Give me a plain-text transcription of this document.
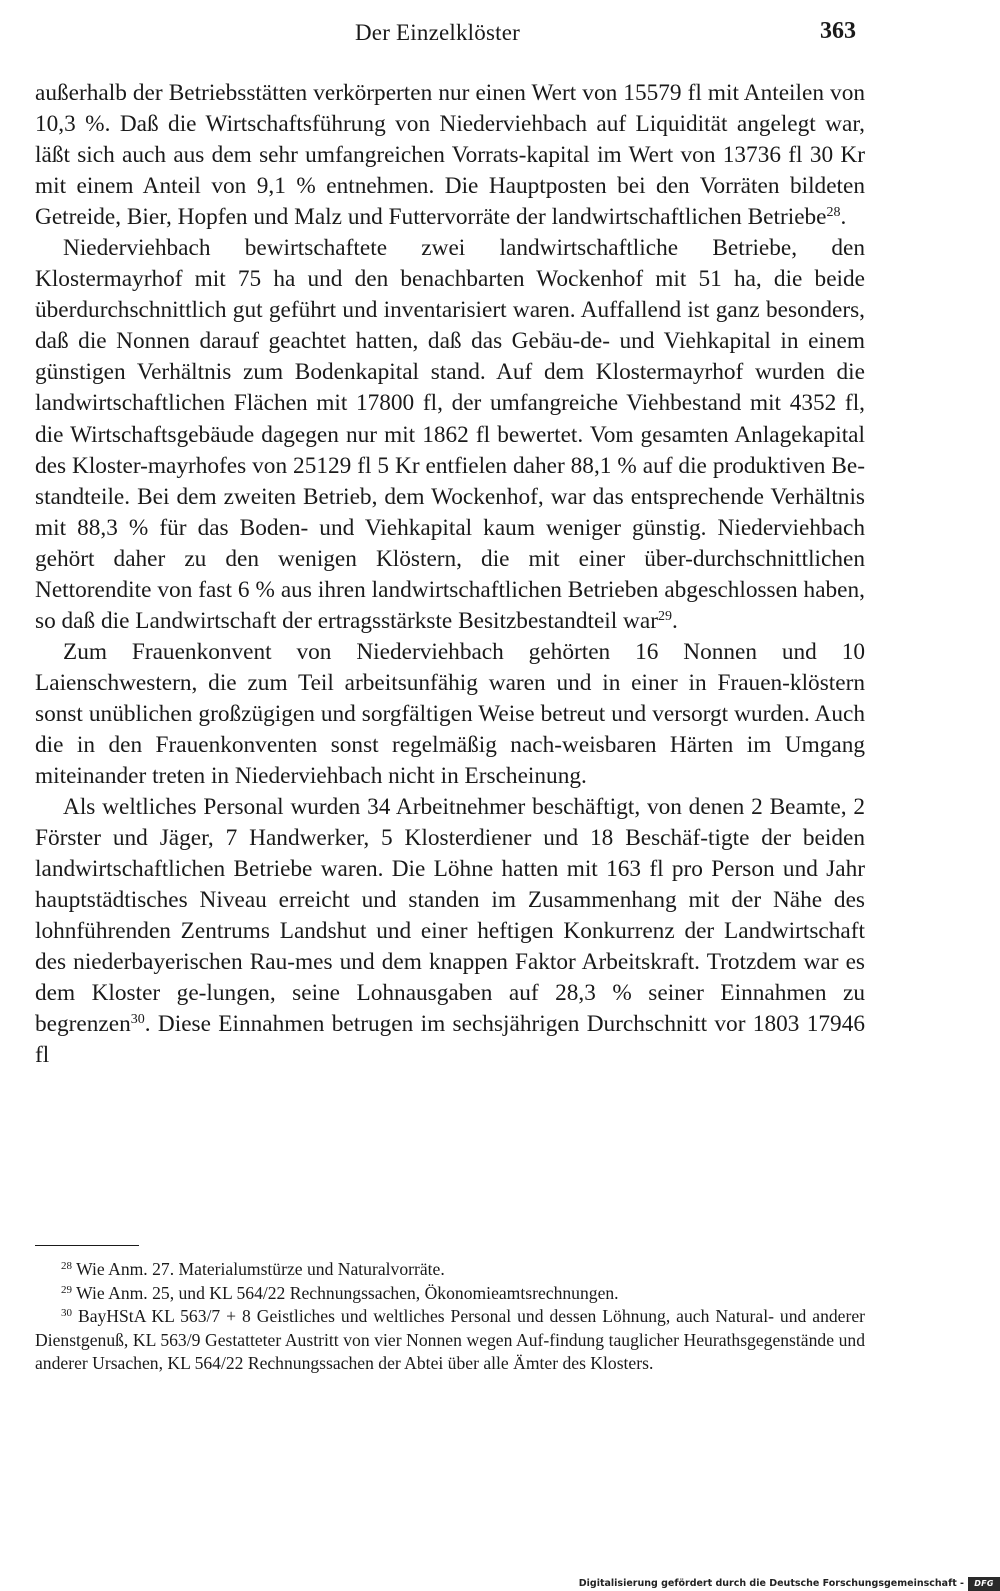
Der Einzelklöster	363

außerhalb der Betriebsstätten verkörperten nur einen Wert von 15579 fl mit Anteilen von 10,3 %. Daß die Wirtschaftsführung von Niederviehbach auf Liquidität angelegt war, läßt sich auch aus dem sehr umfangreichen Vorrats-kapital im Wert von 13736 fl 30 Kr mit einem Anteil von 9,1 % entnehmen. Die Hauptposten bei den Vorräten bildeten Getreide, Bier, Hopfen und Malz und Futtervorräte der landwirtschaftlichen Betriebe$^{28}$.

Niederviehbach bewirtschaftete zwei landwirtschaftliche Betriebe, den Klostermayrhof mit 75 ha und den benachbarten Wockenhof mit 51 ha, die beide überdurchschnittlich gut geführt und inventarisiert waren. Auffallend ist ganz besonders, daß die Nonnen darauf geachtet hatten, daß das Gebäu-de- und Viehkapital in einem günstigen Verhältnis zum Bodenkapital stand. Auf dem Klostermayrhof wurden die landwirtschaftlichen Flächen mit 17800 fl, der umfangreiche Viehbestand mit 4352 fl, die Wirtschaftsgebäude dagegen nur mit 1862 fl bewertet. Vom gesamten Anlagekapital des Kloster-mayrhofes von 25129 fl 5 Kr entfielen daher 88,1 % auf die produktiven Be-standteile. Bei dem zweiten Betrieb, dem Wockenhof, war das entsprechende Verhältnis mit 88,3 % für das Boden- und Viehkapital kaum weniger günstig. Niederviehbach gehört daher zu den wenigen Klöstern, die mit einer über-durchschnittlichen Nettorendite von fast 6 % aus ihren landwirtschaftlichen Betrieben abgeschlossen haben, so daß die Landwirtschaft der ertragsstärkste Besitzbestandteil war$^{29}$.

Zum Frauenkonvent von Niederviehbach gehörten 16 Nonnen und 10 Laienschwestern, die zum Teil arbeitsunfähig waren und in einer in Frauen-klöstern sonst unüblichen großzügigen und sorgfältigen Weise betreut und versorgt wurden. Auch die in den Frauenkonventen sonst regelmäßig nach-weisbaren Härten im Umgang miteinander treten in Niederviehbach nicht in Erscheinung.

Als weltliches Personal wurden 34 Arbeitnehmer beschäftigt, von denen 2 Beamte, 2 Förster und Jäger, 7 Handwerker, 5 Klosterdiener und 18 Beschäf-tigte der beiden landwirtschaftlichen Betriebe waren. Die Löhne hatten mit 163 fl pro Person und Jahr hauptstädtisches Niveau erreicht und standen im Zusammenhang mit der Nähe des lohnführenden Zentrums Landshut und einer heftigen Konkurrenz der Landwirtschaft des niederbayerischen Rau-mes und dem knappen Faktor Arbeitskraft. Trotzdem war es dem Kloster ge-lungen, seine Lohnausgaben auf 28,3 % seiner Einnahmen zu begrenzen$^{30}$. Diese Einnahmen betrugen im sechsjährigen Durchschnitt vor 1803 17946 fl

$^{28}$ Wie Anm. 27. Materialumstürze und Naturalvorräte.

$^{29}$ Wie Anm. 25, und KL 564/22 Rechnungssachen, Ökonomieamtsrechnungen.

$^{30}$ BayHStA KL 563/7 + 8 Geistliches und weltliches Personal und dessen Löhnung, auch Natural- und anderer Dienstgenuß, KL 563/9 Gestatteter Austritt von vier Nonnen wegen Auf-findung tauglicher Heurathsgegenstände und anderer Ursachen, KL 564/22 Rechnungssachen der Abtei über alle Ämter des Klosters.

Digitalisierung gefördert durch die Deutsche Forschungsgemeinschaft -	DFG
